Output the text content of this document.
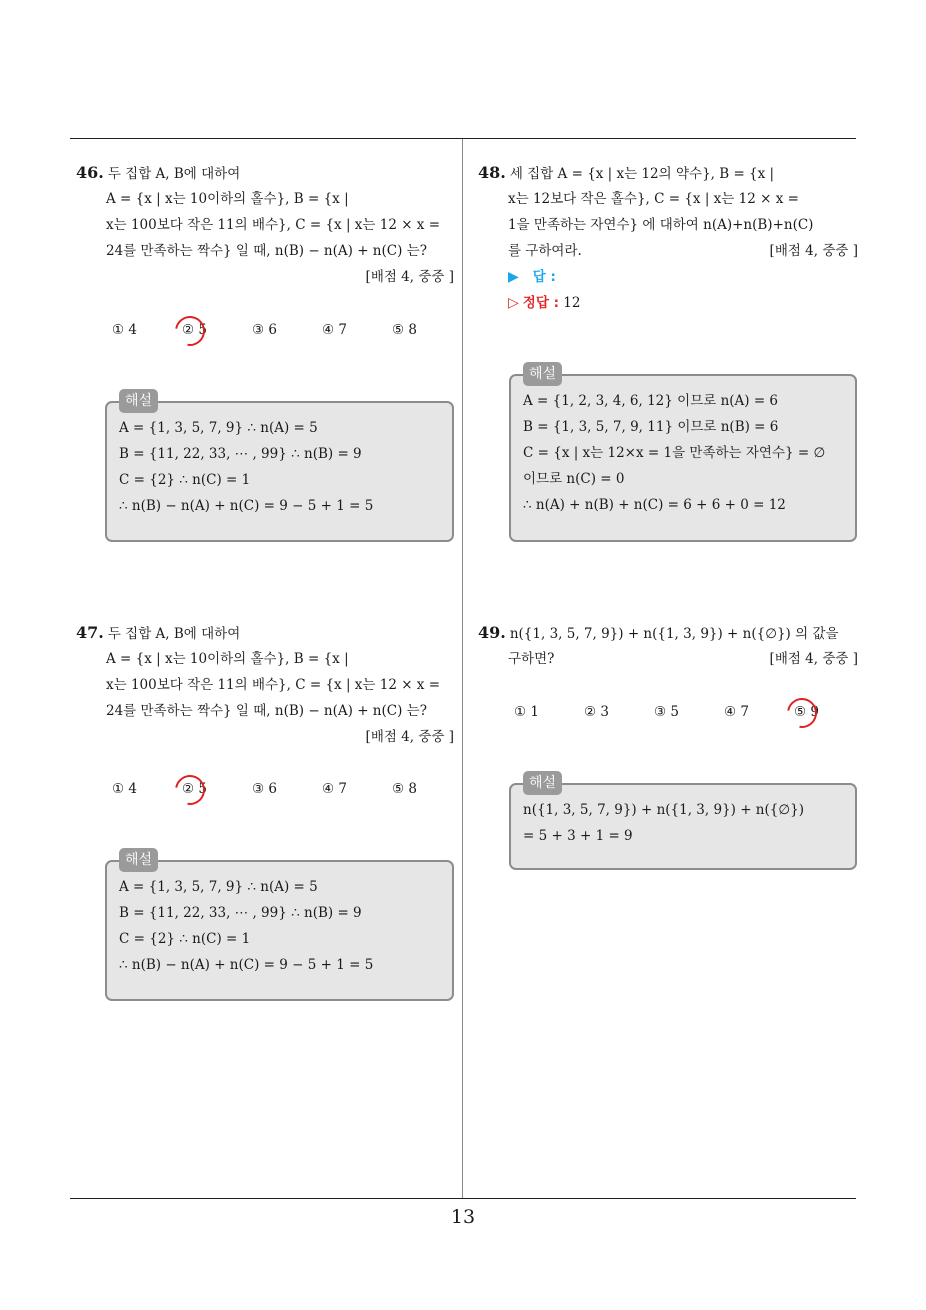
46. 두 집합 A, B에 대하여
A = {x | x는 10이하의 홀수}, B = {x |
x는 100보다 작은 11의 배수}, C = {x | x는 12 × x =
24를 만족하는 짝수} 일 때, n(B) − n(A) + n(C) 는?
[배점 4, 중중 ]
① 4	② 5	③ 6	④ 7	⑤ 8
해설
A = {1, 3, 5, 7, 9} ∴ n(A) = 5
B = {11, 22, 33, ⋯ , 99} ∴ n(B) = 9
C = {2} ∴ n(C) = 1
∴ n(B) − n(A) + n(C) = 9 − 5 + 1 = 5
47. 두 집합 A, B에 대하여
A = {x | x는 10이하의 홀수}, B = {x |
x는 100보다 작은 11의 배수}, C = {x | x는 12 × x =
24를 만족하는 짝수} 일 때, n(B) − n(A) + n(C) 는?
[배점 4, 중중 ]
① 4	② 5	③ 6	④ 7	⑤ 8
해설
A = {1, 3, 5, 7, 9} ∴ n(A) = 5
B = {11, 22, 33, ⋯ , 99} ∴ n(B) = 9
C = {2} ∴ n(C) = 1
∴ n(B) − n(A) + n(C) = 9 − 5 + 1 = 5
48. 세 집합 A = {x | x는 12의 약수}, B = {x |
x는 12보다 작은 홀수}, C = {x | x는 12 × x =
1을 만족하는 자연수} 에 대하여 n(A)+n(B)+n(C)
를 구하여라.	[배점 4, 중중 ]
▶ 답 :
▷ 정답 : 12
해설
A = {1, 2, 3, 4, 6, 12} 이므로 n(A) = 6
B = {1, 3, 5, 7, 9, 11} 이므로 n(B) = 6
C = {x | x는 12×x = 1을 만족하는 자연수} = ∅
이므로 n(C) = 0
∴ n(A) + n(B) + n(C) = 6 + 6 + 0 = 12
49. n({1, 3, 5, 7, 9}) + n({1, 3, 9}) + n({∅}) 의 값을
구하면?	[배점 4, 중중 ]
① 1	② 3	③ 5	④ 7	⑤ 9
해설
n({1, 3, 5, 7, 9}) + n({1, 3, 9}) + n({∅})
= 5 + 3 + 1 = 9
13
